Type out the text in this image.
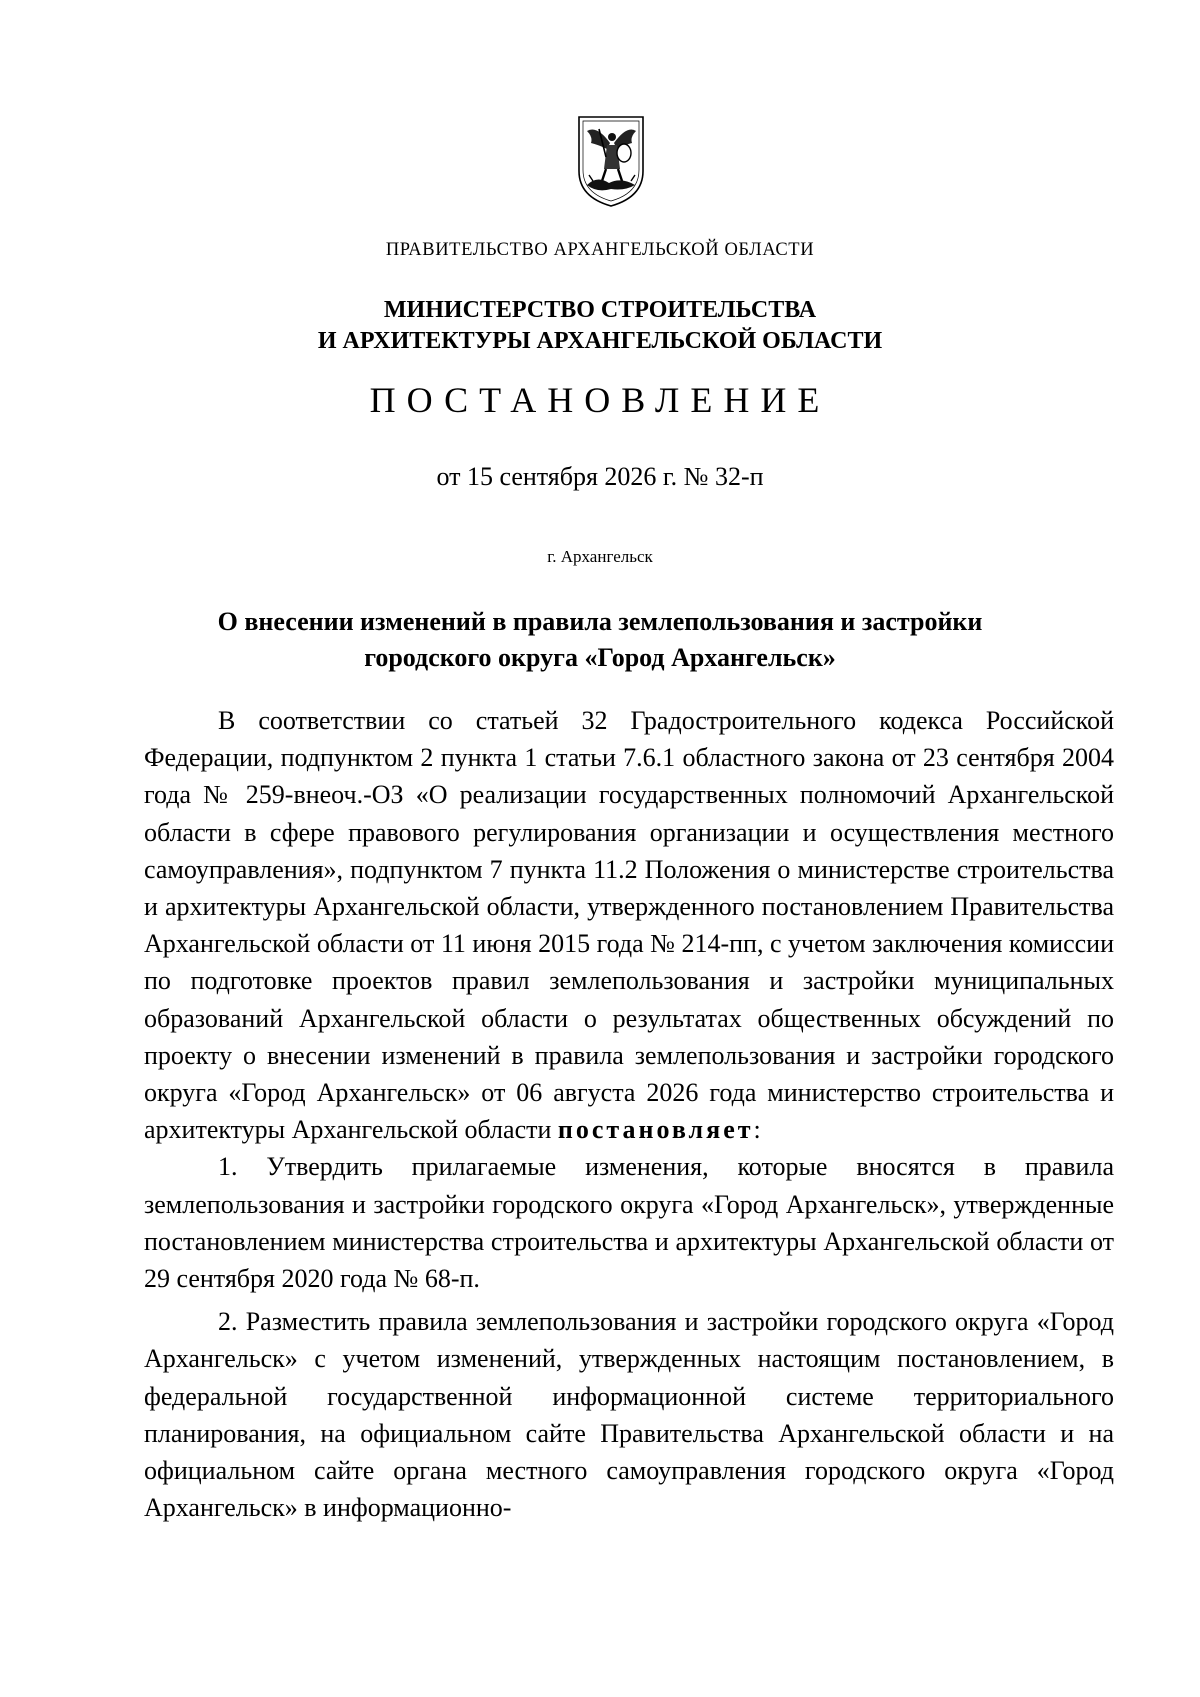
ПРАВИТЕЛЬСТВО АРХАНГЕЛЬСКОЙ ОБЛАСТИ
МИНИСТЕРСТВО СТРОИТЕЛЬСТВА
И АРХИТЕКТУРЫ АРХАНГЕЛЬСКОЙ ОБЛАСТИ
ПОСТАНОВЛЕНИЕ
от 15 сентября 2026 г. № 32-п
г. Архангельск
О внесении изменений в правила землепользования и застройки
городского округа «Город Архангельск»

В соответствии со статьей 32 Градостроительного кодекса Российской Федерации, подпунктом 2 пункта 1 статьи 7.6.1 областного закона от 23 сентября 2004 года № 259-внеоч.-ОЗ «О реализации государственных полномочий Архангельской области в сфере правового регулирования организации и осуществления местного самоуправления», подпунктом 7 пункта 11.2 Положения о министерстве строительства и архитектуры Архангельской области, утвержденного постановлением Правительства Архангельской области от 11 июня 2015 года № 214-пп, с учетом заключения комиссии по подготовке проектов правил землепользования и застройки муниципальных образований Архангельской области о результатах общественных обсуждений по проекту о внесении изменений в правила землепользования и застройки городского округа «Город Архангельск» от 06 августа 2026 года министерство строительства и архитектуры Архангельской области постановляет:

1. Утвердить прилагаемые изменения, которые вносятся в правила землепользования и застройки городского округа «Город Архангельск», утвержденные постановлением министерства строительства и архитектуры Архангельской области от 29 сентября 2020 года № 68-п.

2. Разместить правила землепользования и застройки городского округа «Город Архангельск» с учетом изменений, утвержденных настоящим постановлением, в федеральной государственной информационной системе территориального планирования, на официальном сайте Правительства Архангельской области и на официальном сайте органа местного самоуправления городского округа «Город Архангельск» в информационно-
